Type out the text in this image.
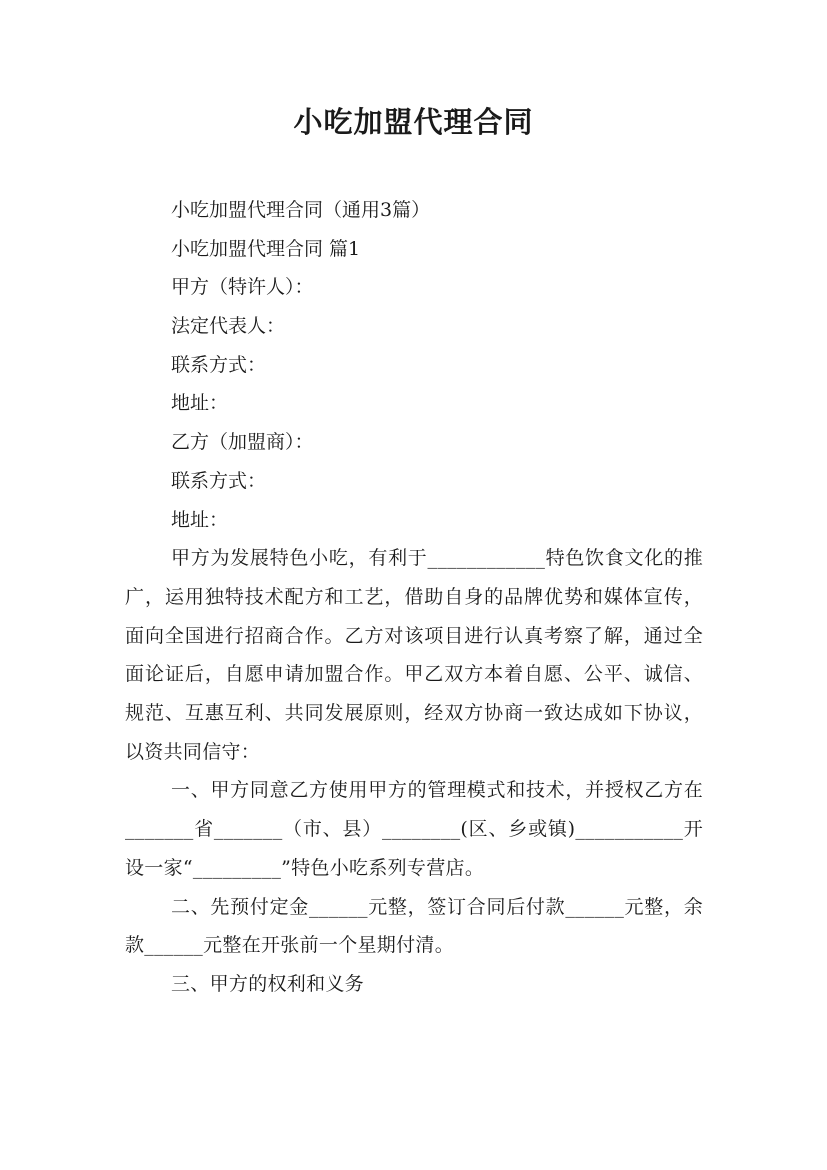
小吃加盟代理合同
小吃加盟代理合同（通用3篇）
小吃加盟代理合同 篇1
甲方（特许人）：
法定代表人：
联系方式：
地址：
乙方（加盟商）：
联系方式：
地址：
甲方为发展特色小吃，有利于____________特色饮食文化的推广，运用独特技术配方和工艺，借助自身的品牌优势和媒体宣传，面向全国进行招商合作。乙方对该项目进行认真考察了解，通过全面论证后，自愿申请加盟合作。甲乙双方本着自愿、公平、诚信、规范、互惠互利、共同发展原则，经双方协商一致达成如下协议，以资共同信守：
一、甲方同意乙方使用甲方的管理模式和技术，并授权乙方在_______省_______（市、县）________(区、乡或镇)___________开设一家“_________”特色小吃系列专营店。
二、先预付定金______元整，签订合同后付款______元整，余款______元整在开张前一个星期付清。
三、甲方的权利和义务
